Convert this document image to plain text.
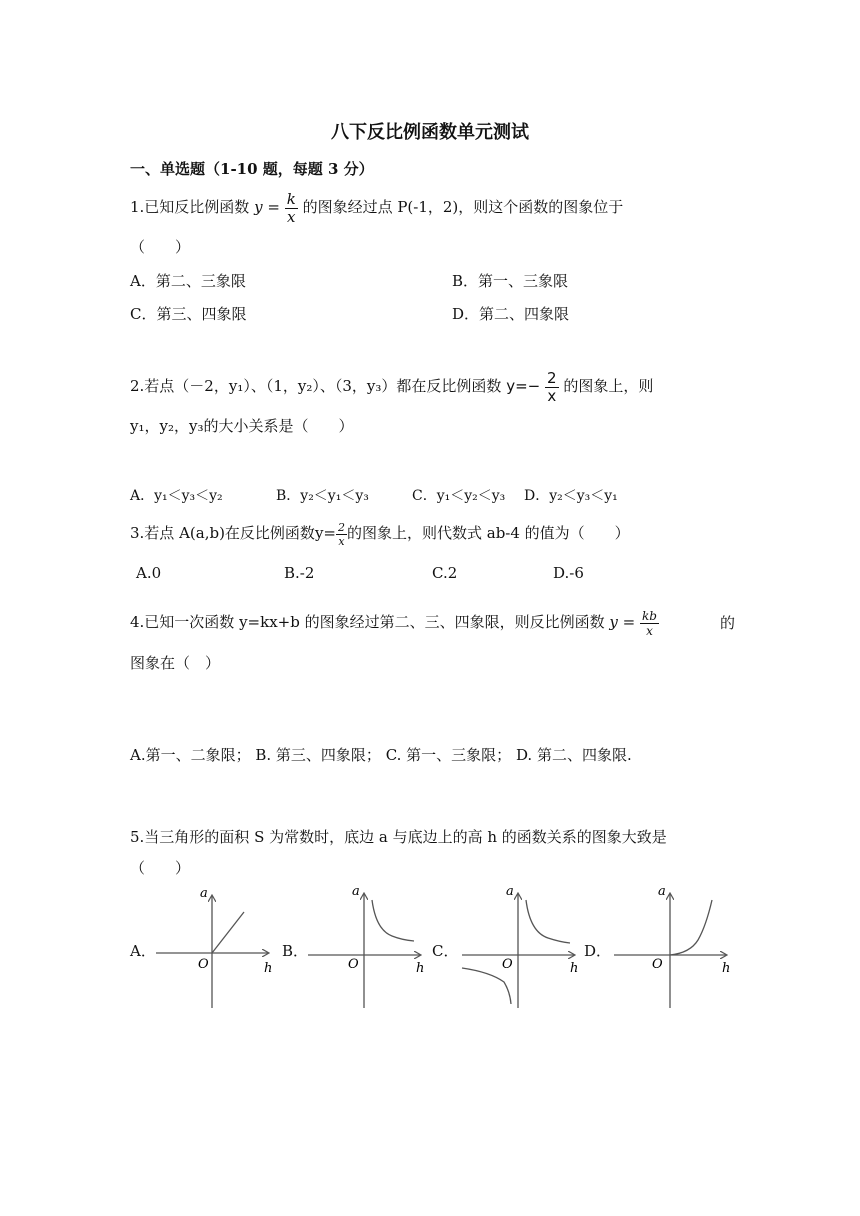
八下反比例函数单元测试
一、单选题（1-10 题，每题 3 分）
1.已知反比例函数 $y = \frac{k}{x}$ 的图象经过点 P(-1，2)，则这个函数的图象位于
（　　）
A．第二、三象限	B．第一、三象限
C．第三、四象限	D．第二、四象限
2.若点（－2，y₁）、（1，y₂）、（3，y₃）都在反比例函数 $y=- \frac{2}{x}$ 的图象上，则
y₁，y₂，y₃的大小关系是（　　）
A．y₁＜y₃＜y₂	B．y₂＜y₁＜y₃	C．y₁＜y₂＜y₃ D．y₂＜y₃＜y₁
3.若点 A(a,b)在反比例函数$y= \frac{2}{x}$ 的图象上，则代数式 ab-4 的值为（　　）
A.0	B.-2	C.2	D.-6
4.已知一次函数 y=kx+b 的图象经过第二、三、四象限，则反比例函数 $y = \frac{kb}{x}$	的
图象在（　）
A.第一、二象限； B. 第三、四象限； C. 第一、三象限； D. 第二、四象限.
5.当三角形的面积 S 为常数时，底边 a 与底边上的高 h 的函数关系的图象大致是
（　　）
A．	B．	C．	D．
a
h
O
a
h
O
a
h
O
a
h
O
